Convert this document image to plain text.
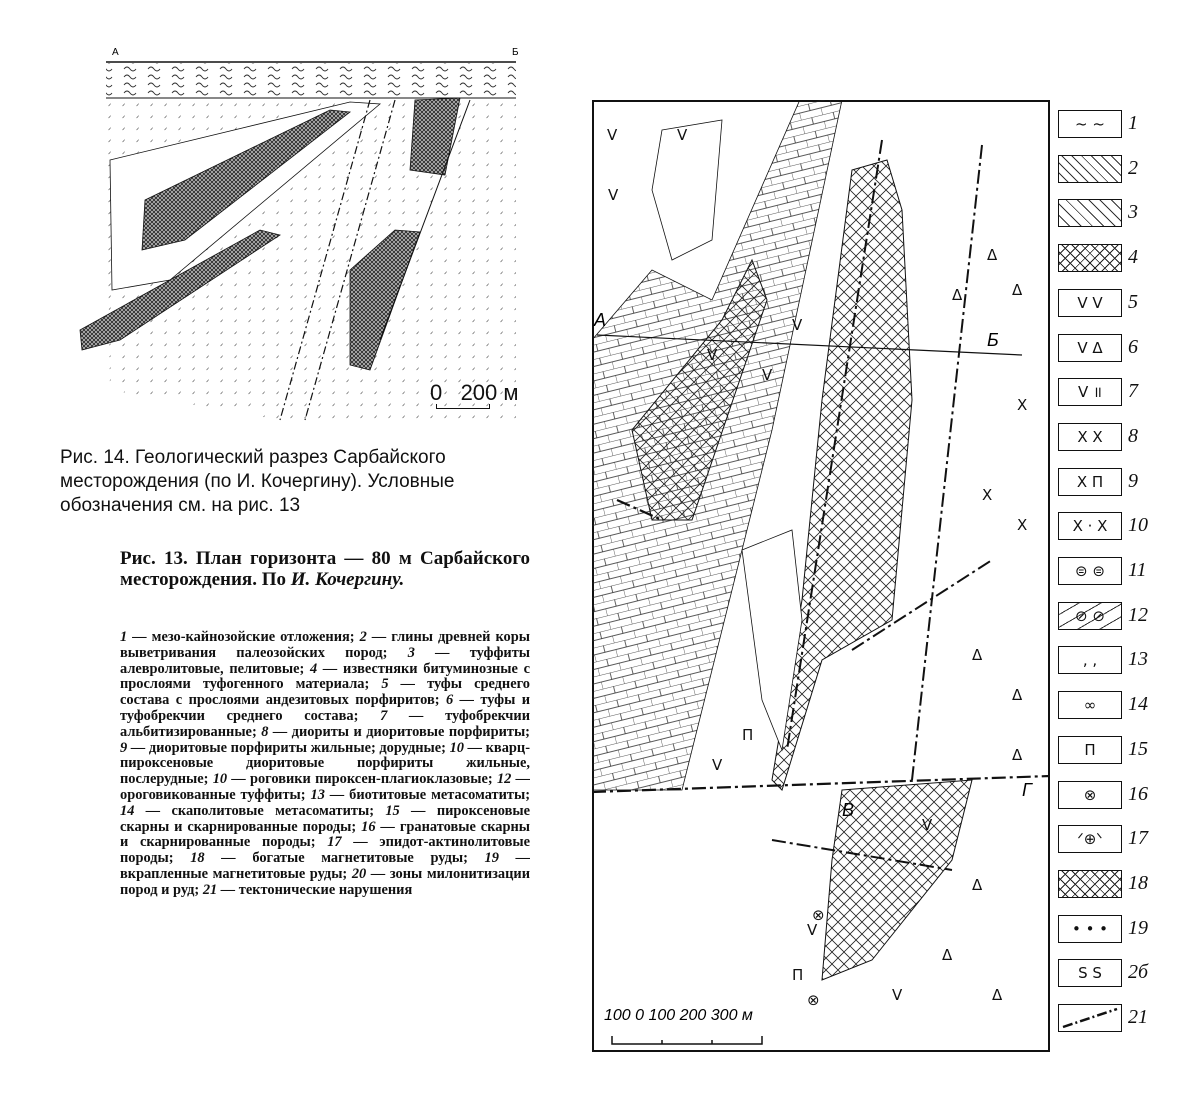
А	Б
0   200 м
Рис. 14. Геологический разрез Сарбайского месторождения (по И. Кочергину). Условные обозначения см. на рис. 13
Рис. 13. План горизонта — 80 м Сарбайского месторождения. По И. Кочергину.
1 — мезо-кайнозойские отложения; 2 — глины древней коры выветривания палеозойских пород; 3 — туффиты алевролитовые, пелитовые; 4 — известняки битуминозные с прослоями туфогенного материала; 5 — туфы среднего состава с прослоями андезитовых порфиритов; 6 — туфы и туфобрекчии среднего состава; 7 — туфобрекчии альбитизированные; 8 — диориты и диоритовые порфириты; 9 — диоритовые порфириты жильные; дорудные; 10 — кварц-пироксеновые диоритовые порфириты жильные, послерудные; 10 — роговики пироксен-плагиоклазовые; 12 — ороговикованные туффиты; 13 — биотитовые метасоматиты; 14 — скаполитовые метасоматиты; 15 — пироксеновые скарны и скарнированные породы; 16 — гранатовые скарны и скарнированные породы; 17 — эпидот-актинолитовые породы; 18 — богатые магнетитовые руды; 19 — вкрапленные магнетитовые руды; 20 — зоны милонитизации пород и руд; 21 — тектонические нарушения
А
Б
В
Г
V	V
V
V
V
V
Δ
Δ
Δ
X
X
X
Δ
Δ
Δ
V
Δ
Δ
Δ
V
V
П
V
П
⊗
⊗
100 0 100 200 300 м
~ ~	1
2
3
4
V V	5
V Δ	6
V ॥	7
X X	8
X П	9
X · X	10
⊜ ⊜	11
⊘ ⊘	12
, ,	13
∞	14
П	15
⊗	16
ᐟ⊕ᐠ	17
18
• • • 19
S S	2б
21
